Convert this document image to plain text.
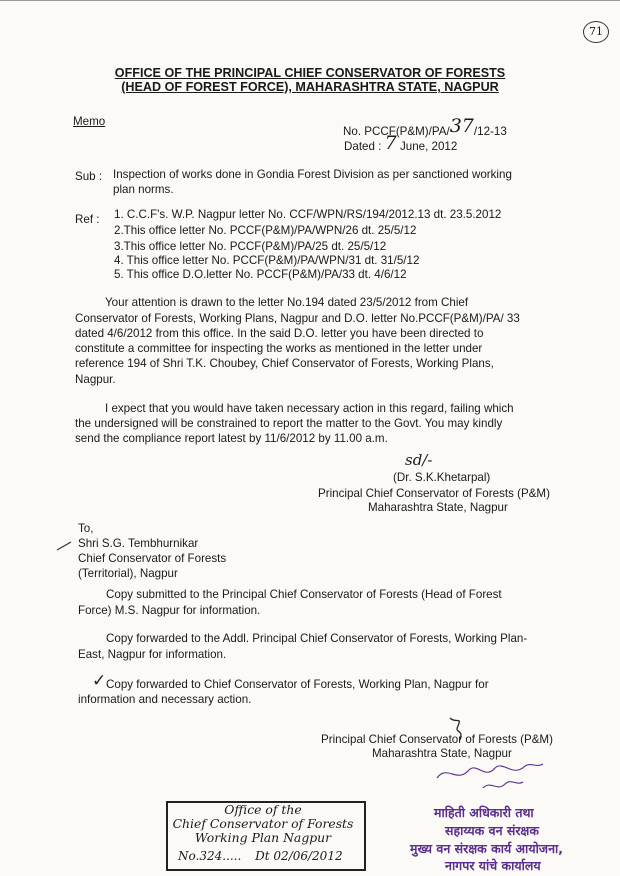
71
OFFICE OF THE PRINCIPAL CHIEF CONSERVATOR OF FORESTS
(HEAD OF FOREST FORCE), MAHARASHTRA STATE, NAGPUR
Memo
No. PCCF(P&M)/PA/37/12-13
Dated : 7 June, 2012
Sub : Inspection of works done in Gondia Forest Division as per sanctioned working
plan norms.
Ref : 1. C.C.F's. W.P. Nagpur letter No. CCF/WPN/RS/194/2012.13 dt. 23.5.2012
2.This office letter No. PCCF(P&M)/PA/WPN/26 dt. 25/5/12
3.This office letter No. PCCF(P&M)/PA/25 dt. 25/5/12
4. This office letter No. PCCF(P&M)/PA/WPN/31 dt. 31/5/12
5. This office D.O.letter No. PCCF(P&M)/PA/33 dt. 4/6/12
Your attention is drawn to the letter No.194 dated 23/5/2012 from Chief
Conservator of Forests, Working Plans, Nagpur and D.O. letter No.PCCF(P&M)/PA/ 33
dated 4/6/2012 from this office. In the said D.O. letter you have been directed to
constitute a committee for inspecting the works as mentioned in the letter under
reference 194 of Shri T.K. Choubey, Chief Conservator of Forests, Working Plans,
Nagpur.
I expect that you would have taken necessary action in this regard, failing which
the undersigned will be constrained to report the matter to the Govt. You may kindly
send the compliance report latest by 11/6/2012 by 11.00 a.m.
sd/-
(Dr. S.K.Khetarpal)
Principal Chief Conservator of Forests (P&M)
Maharashtra State, Nagpur
To,
Shri S.G. Tembhurnikar
Chief Conservator of Forests
(Territorial), Nagpur
Copy submitted to the Principal Chief Conservator of Forests (Head of Forest
Force) M.S. Nagpur for information.
Copy forwarded to the Addl. Principal Chief Conservator of Forests, Working Plan-
East, Nagpur for information.
✓ Copy forwarded to Chief Conservator of Forests, Working Plan, Nagpur for
information and necessary action.
Principal Chief Conservator of Forests (P&M)
Maharashtra State, Nagpur
Office of the
Chief Conservator of Forests
Working Plan Nagpur
No.324..... Dt 02/06/2012
माहिती अधिकारी तथा
सहाय्यक वन संरक्षक
मुख्य वन संरक्षक कार्य आयोजना,
नागपर यांचे कार्यालय
